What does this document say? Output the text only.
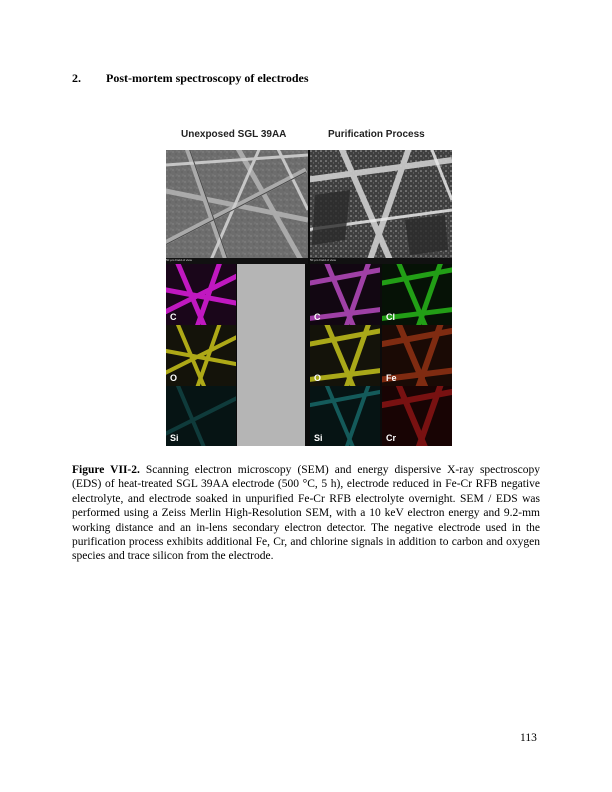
2. Post-mortem spectroscopy of electrodes
Unexposed SGL 39AA	Purification Process
50 µm Field of view	50 µm Field of view
C
O
Si
C
O
Si
Cl
Fe
Cr
Figure VII-2. Scanning electron microscopy (SEM) and energy dispersive X-ray spectroscopy (EDS) of heat-treated SGL 39AA electrode (500 °C, 5 h), electrode reduced in Fe-Cr RFB negative electrolyte, and electrode soaked in unpurified Fe-Cr RFB electrolyte overnight. SEM / EDS was performed using a Zeiss Merlin High-Resolution SEM, with a 10 keV electron energy and 9.2-mm working distance and an in-lens secondary electron detector. The negative electrode used in the purification process exhibits additional Fe, Cr, and chlorine signals in addition to carbon and oxygen species and trace silicon from the electrode.
113
